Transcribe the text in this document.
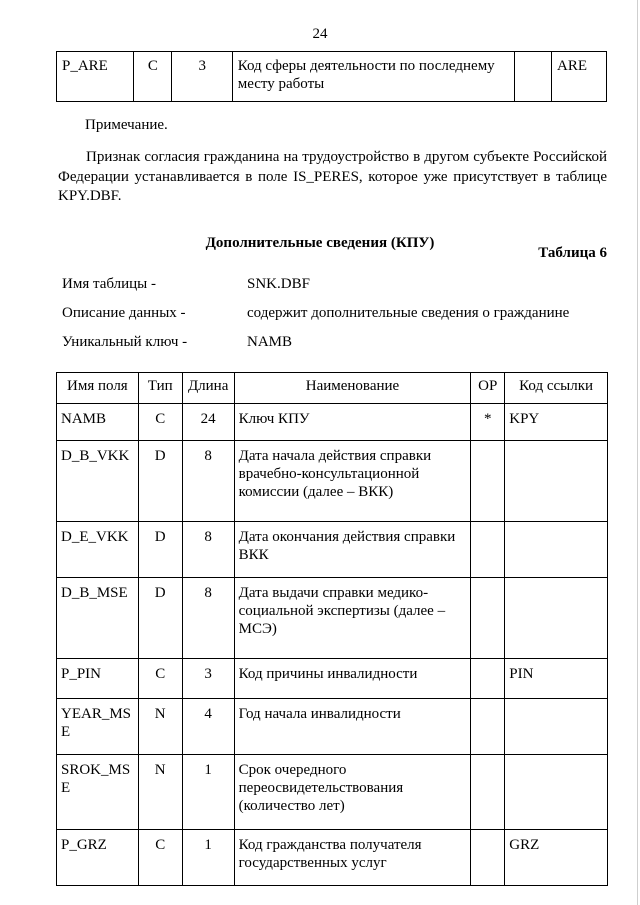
24
P_ARE	C	3	Код сферы деятельности по последнему месту работы		ARE
Примечание.
Признак согласия гражданина на трудоустройство в другом субъекте Российской Федерации устанавливается в поле IS_PERES, которое уже присутствует в таблице KPY.DBF.
Таблица 6
Дополнительные сведения (КПУ)
Имя таблицы -	SNK.DBF
Описание данных -	содержит дополнительные сведения о гражданине
Уникальный ключ -	NAMB
Имя поля	Тип	Длина	Наименование	ОР	Код ссылки
NAMB	C	24	Ключ КПУ	*	KPY
D_B_VKK	D	8	Дата начала действия справки врачебно-консультационной комиссии (далее – ВКК)		
D_E_VKK	D	8	Дата окончания действия справки ВКК		
D_B_MSE	D	8	Дата выдачи справки медико-социальной экспертизы (далее – МСЭ)		
P_PIN	C	3	Код причины инвалидности		PIN
YEAR_MSE	N	4	Год начала инвалидности		
SROK_MSE	N	1	Срок очередного переосвидетельствования (количество лет)		
P_GRZ	C	1	Код гражданства получателя государственных услуг		GRZ
